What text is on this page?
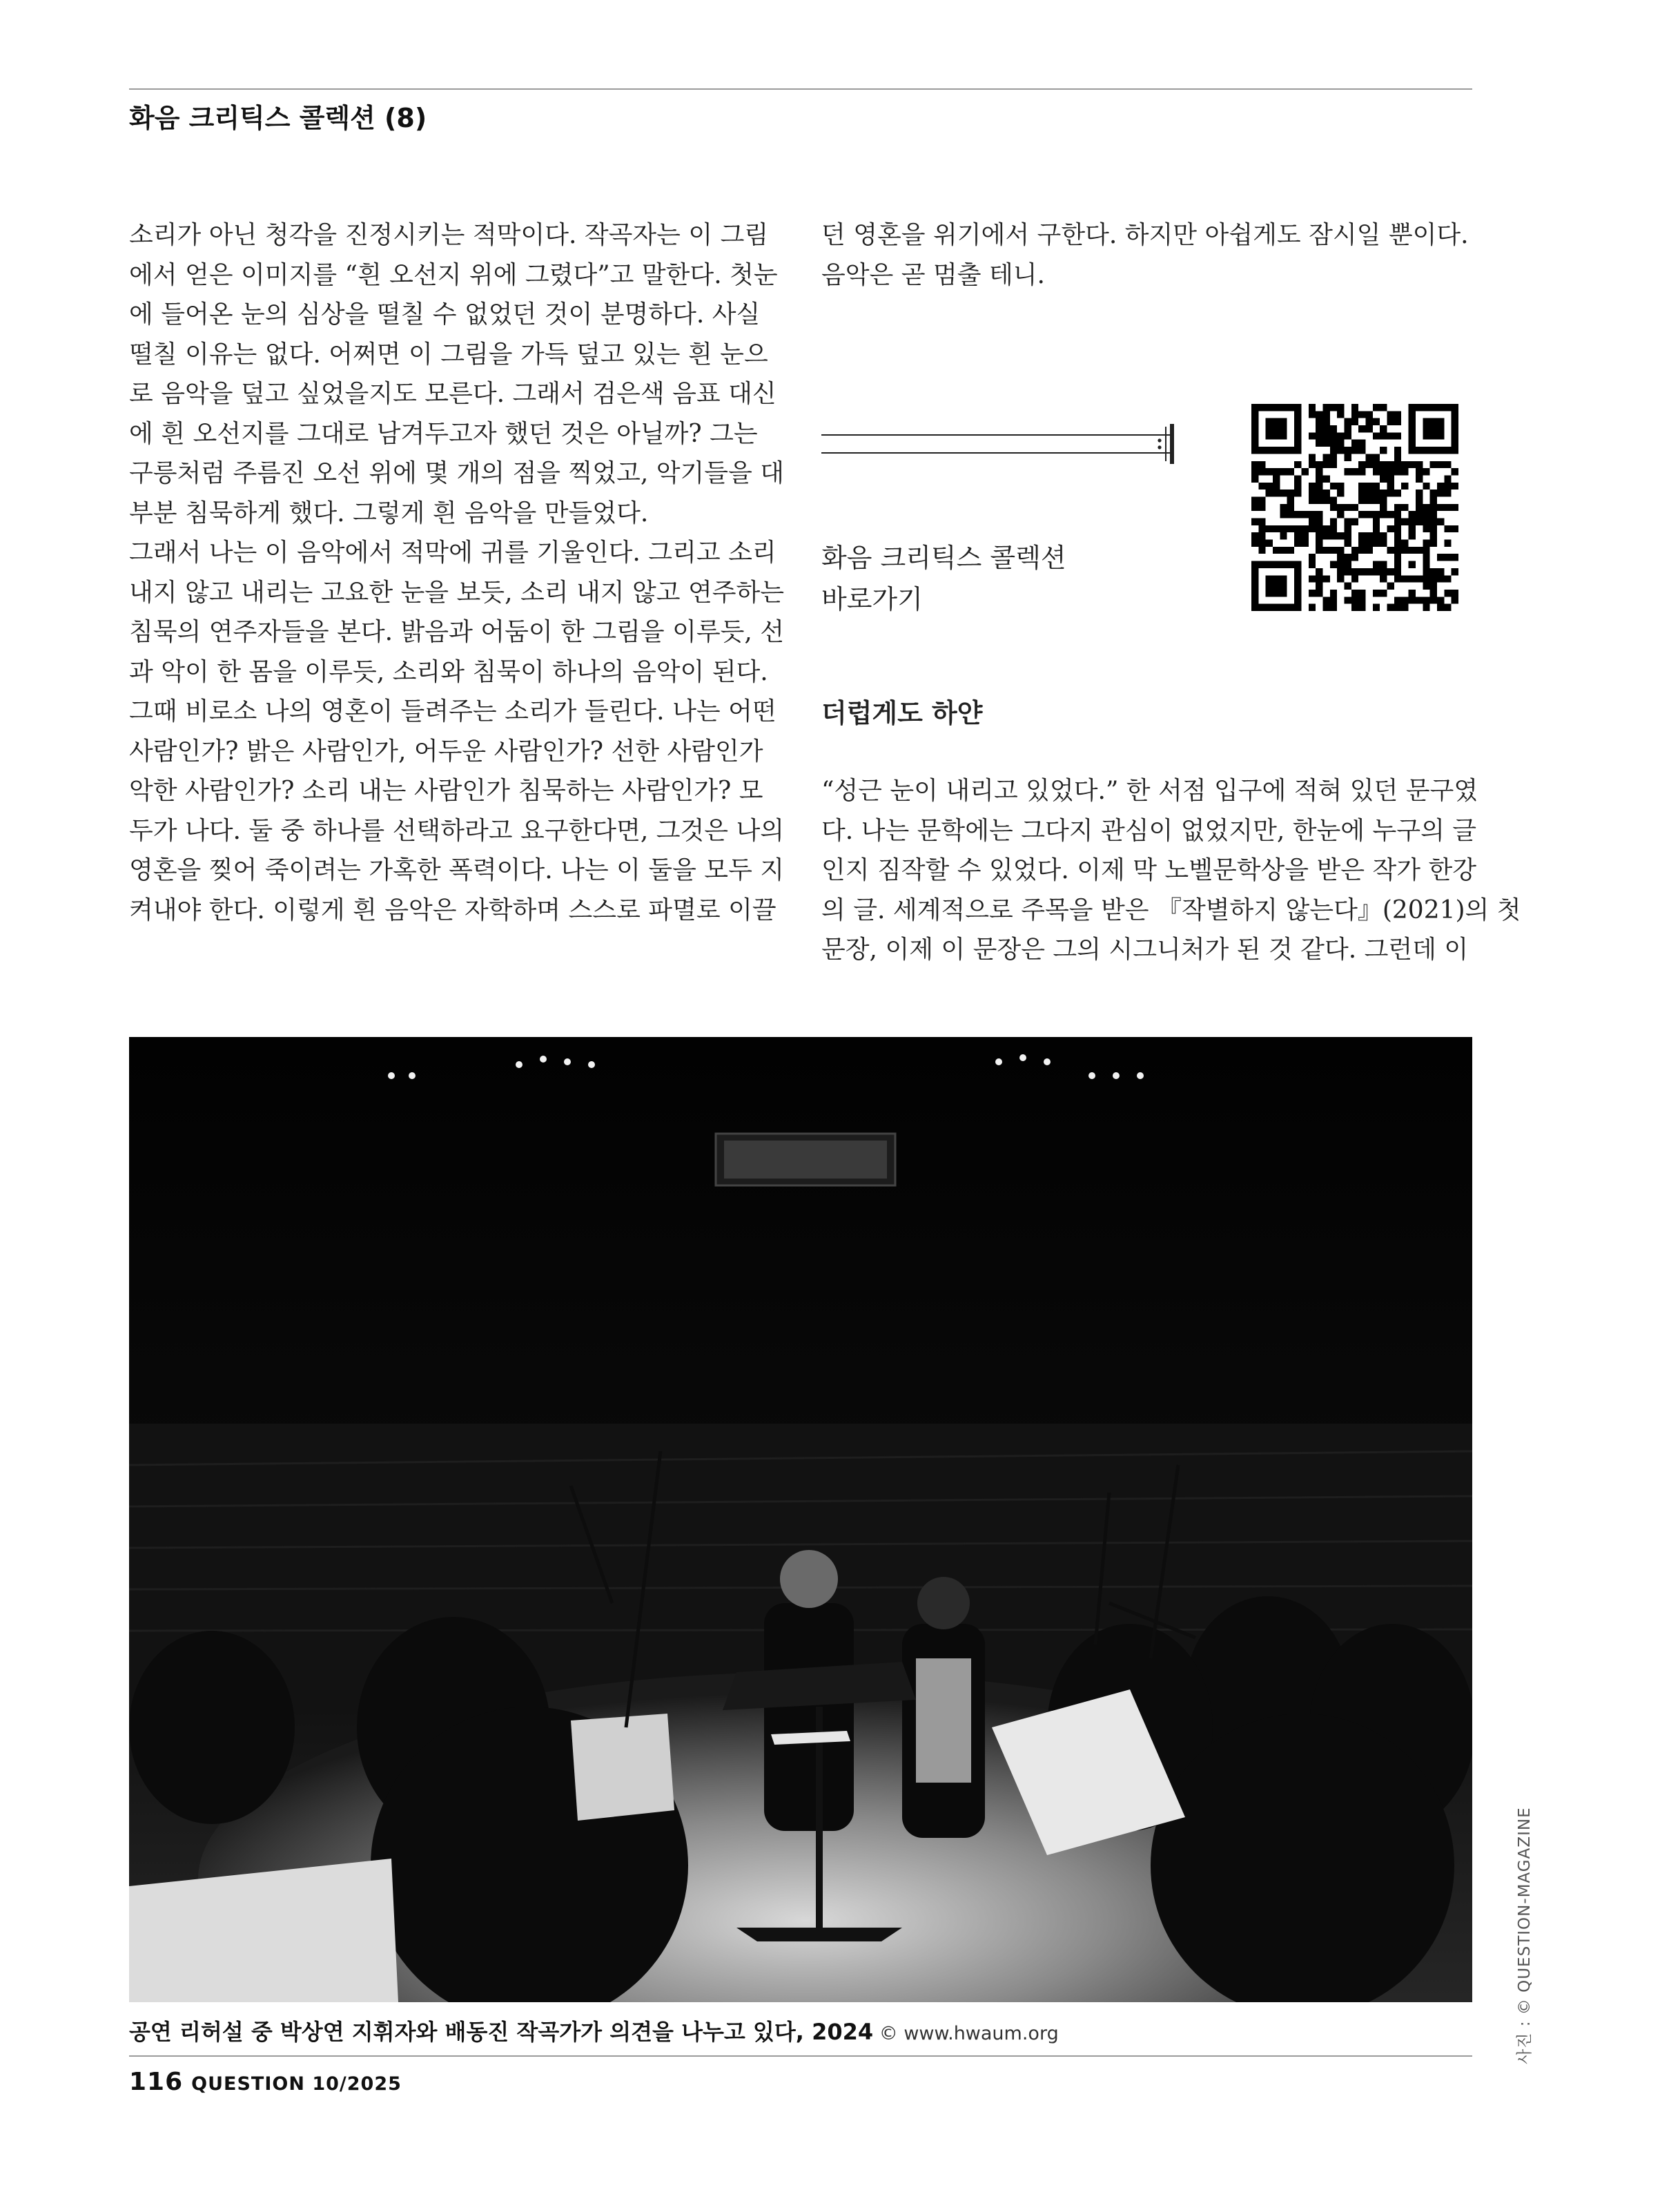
화음 크리틱스 콜렉션 (8)

소리가 아닌 청각을 진정시키는 적막이다. 작곡자는 이 그림

에서 얻은 이미지를 “흰 오선지 위에 그렸다”고 말한다. 첫눈

에 들어온 눈의 심상을 떨칠 수 없었던 것이 분명하다. 사실

떨칠 이유는 없다. 어쩌면 이 그림을 가득 덮고 있는 흰 눈으

로 음악을 덮고 싶었을지도 모른다. 그래서 검은색 음표 대신

에 흰 오선지를 그대로 남겨두고자 했던 것은 아닐까? 그는

구릉처럼 주름진 오선 위에 몇 개의 점을 찍었고, 악기들을 대

부분 침묵하게 했다. 그렇게 흰 음악을 만들었다.

그래서 나는 이 음악에서 적막에 귀를 기울인다. 그리고 소리

내지 않고 내리는 고요한 눈을 보듯, 소리 내지 않고 연주하는

침묵의 연주자들을 본다. 밝음과 어둠이 한 그림을 이루듯, 선

과 악이 한 몸을 이루듯, 소리와 침묵이 하나의 음악이 된다.

그때 비로소 나의 영혼이 들려주는 소리가 들린다. 나는 어떤

사람인가? 밝은 사람인가, 어두운 사람인가? 선한 사람인가

악한 사람인가? 소리 내는 사람인가 침묵하는 사람인가? 모

두가 나다. 둘 중 하나를 선택하라고 요구한다면, 그것은 나의

영혼을 찢어 죽이려는 가혹한 폭력이다. 나는 이 둘을 모두 지

켜내야 한다. 이렇게 흰 음악은 자학하며 스스로 파멸로 이끌

던 영혼을 위기에서 구한다. 하지만 아쉽게도 잠시일 뿐이다.

음악은 곧 멈출 테니.

화음 크리틱스 콜렉션
바로가기
더럽게도 하얀

“성근 눈이 내리고 있었다.” 한 서점 입구에 적혀 있던 문구였

다. 나는 문학에는 그다지 관심이 없었지만, 한눈에 누구의 글

인지 짐작할 수 있었다. 이제 막 노벨문학상을 받은 작가 한강

의 글. 세계적으로 주목을 받은 『작별하지 않는다』(2021)의 첫

문장, 이제 이 문장은 그의 시그니처가 된 것 같다. 그런데 이

공연 리허설 중 박상연 지휘자와 배동진 작곡가가 의견을 나누고 있다, 2024 © www.hwaum.org
116 QUESTION 10/2025
사진 : © QUESTION-MAGAZINE
